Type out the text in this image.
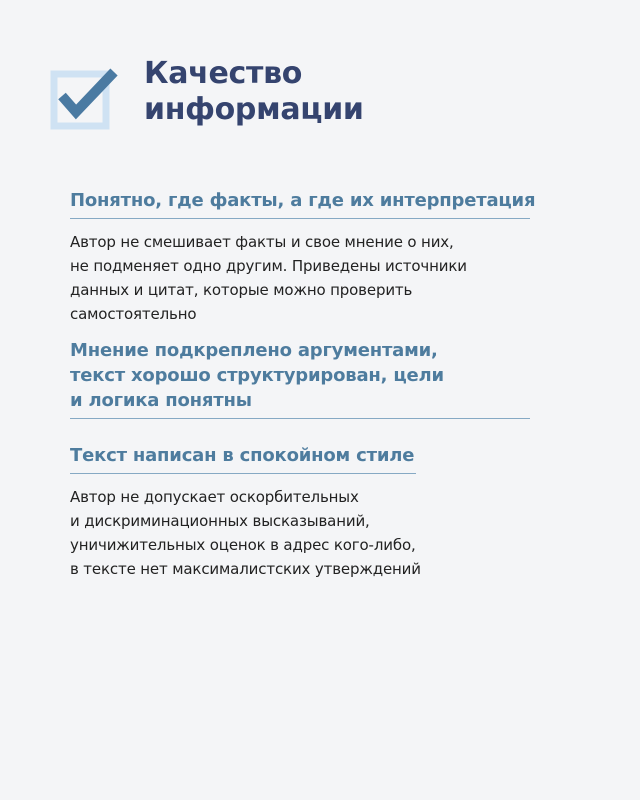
Качество
информации
Понятно, где факты, а где их интерпретация

Автор не смешивает факты и свое мнение о них,
не подменяет одно другим. Приведены источники
данных и цитат, которые можно проверить
самостоятельно

Мнение подкреплено аргументами,
текст хорошо структурирован, цели
и логика понятны
Текст написан в спокойном стиле

Автор не допускает оскорбительных
и дискриминационных высказываний,
уничижительных оценок в адрес кого-либо,
в тексте нет максималистских утверждений
